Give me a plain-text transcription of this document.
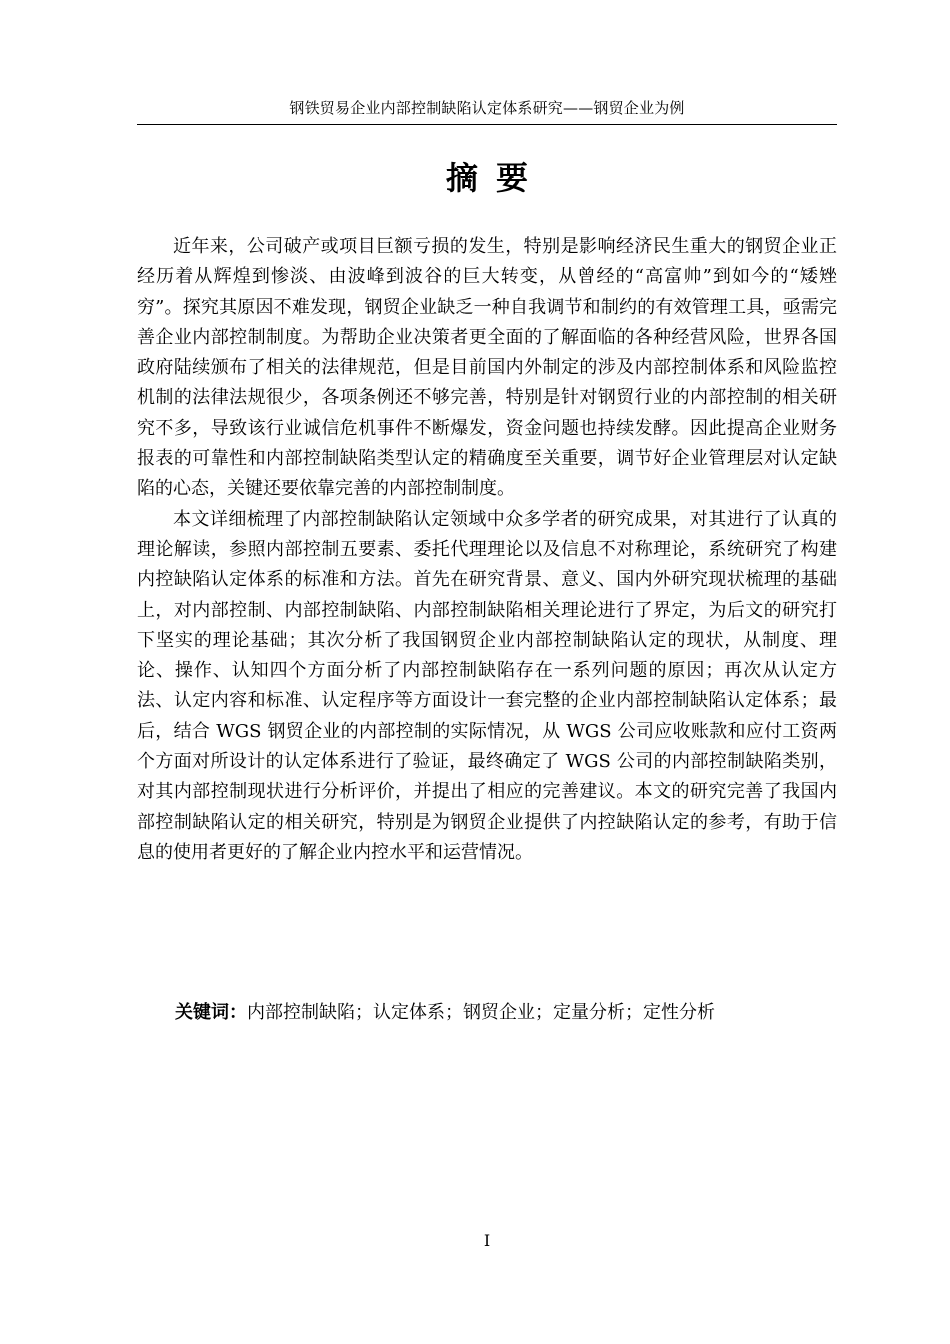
钢铁贸易企业内部控制缺陷认定体系研究——钢贸企业为例
摘要

近年来，公司破产或项目巨额亏损的发生，特别是影响经济民生重大的钢贸企业正经历着从辉煌到惨淡、由波峰到波谷的巨大转变，从曾经的“高富帅”到如今的“矮矬穷”。探究其原因不难发现，钢贸企业缺乏一种自我调节和制约的有效管理工具，亟需完善企业内部控制制度。为帮助企业决策者更全面的了解面临的各种经营风险，世界各国政府陆续颁布了相关的法律规范，但是目前国内外制定的涉及内部控制体系和风险监控机制的法律法规很少，各项条例还不够完善，特别是针对钢贸行业的内部控制的相关研究不多，导致该行业诚信危机事件不断爆发，资金问题也持续发酵。因此提高企业财务报表的可靠性和内部控制缺陷类型认定的精确度至关重要，调节好企业管理层对认定缺陷的心态，关键还要依靠完善的内部控制制度。

本文详细梳理了内部控制缺陷认定领域中众多学者的研究成果，对其进行了认真的理论解读，参照内部控制五要素、委托代理理论以及信息不对称理论，系统研究了构建内控缺陷认定体系的标准和方法。首先在研究背景、意义、国内外研究现状梳理的基础上，对内部控制、内部控制缺陷、内部控制缺陷相关理论进行了界定，为后文的研究打下坚实的理论基础；其次分析了我国钢贸企业内部控制缺陷认定的现状，从制度、理论、操作、认知四个方面分析了内部控制缺陷存在一系列问题的原因；再次从认定方法、认定内容和标准、认定程序等方面设计一套完整的企业内部控制缺陷认定体系；最后，结合 WGS 钢贸企业的内部控制的实际情况，从 WGS 公司应收账款和应付工资两个方面对所设计的认定体系进行了验证，最终确定了 WGS 公司的内部控制缺陷类别，对其内部控制现状进行分析评价，并提出了相应的完善建议。本文的研究完善了我国内部控制缺陷认定的相关研究，特别是为钢贸企业提供了内控缺陷认定的参考，有助于信息的使用者更好的了解企业内控水平和运营情况。

关键词：内部控制缺陷；认定体系；钢贸企业；定量分析；定性分析
I
